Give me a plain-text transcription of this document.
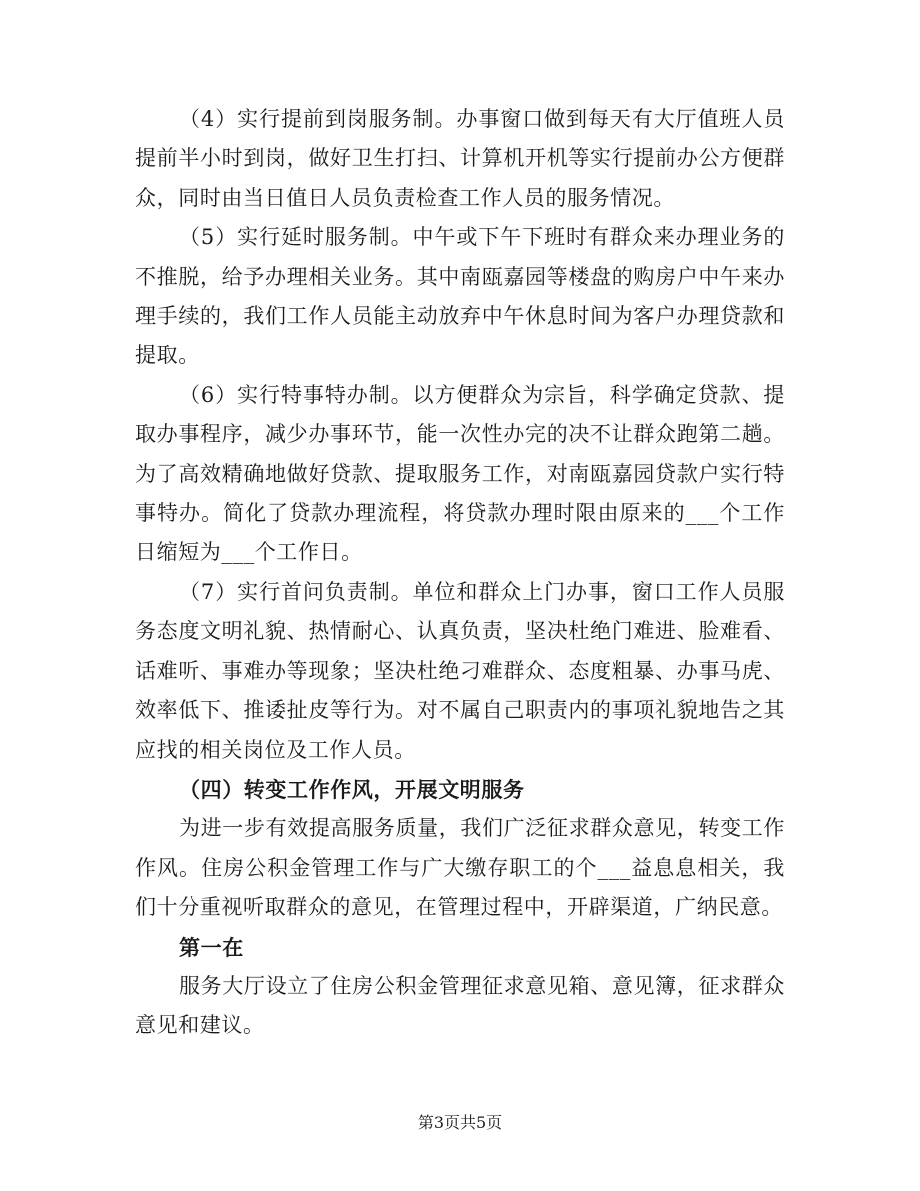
（4）实行提前到岗服务制。办事窗口做到每天有大厅值班人员提前半小时到岗，做好卫生打扫、计算机开机等实行提前办公方便群众，同时由当日值日人员负责检查工作人员的服务情况。

（5）实行延时服务制。中午或下午下班时有群众来办理业务的不推脱，给予办理相关业务。其中南瓯嘉园等楼盘的购房户中午来办理手续的，我们工作人员能主动放弃中午休息时间为客户办理贷款和提取。

（6）实行特事特办制。以方便群众为宗旨，科学确定贷款、提取办事程序，减少办事环节，能一次性办完的决不让群众跑第二趟。为了高效精确地做好贷款、提取服务工作，对南瓯嘉园贷款户实行特事特办。简化了贷款办理流程，将贷款办理时限由原来的___个工作日缩短为___个工作日。

（7）实行首问负责制。单位和群众上门办事，窗口工作人员服务态度文明礼貌、热情耐心、认真负责，坚决杜绝门难进、脸难看、话难听、事难办等现象；坚决杜绝刁难群众、态度粗暴、办事马虎、效率低下、推诿扯皮等行为。对不属自己职责内的事项礼貌地告之其应找的相关岗位及工作人员。

（四）转变工作作风，开展文明服务

为进一步有效提高服务质量，我们广泛征求群众意见，转变工作作风。住房公积金管理工作与广大缴存职工的个___益息息相关，我们十分重视听取群众的意见，在管理过程中，开辟渠道，广纳民意。

第一在

服务大厅设立了住房公积金管理征求意见箱、意见簿，征求群众意见和建议。

第3页共5页
